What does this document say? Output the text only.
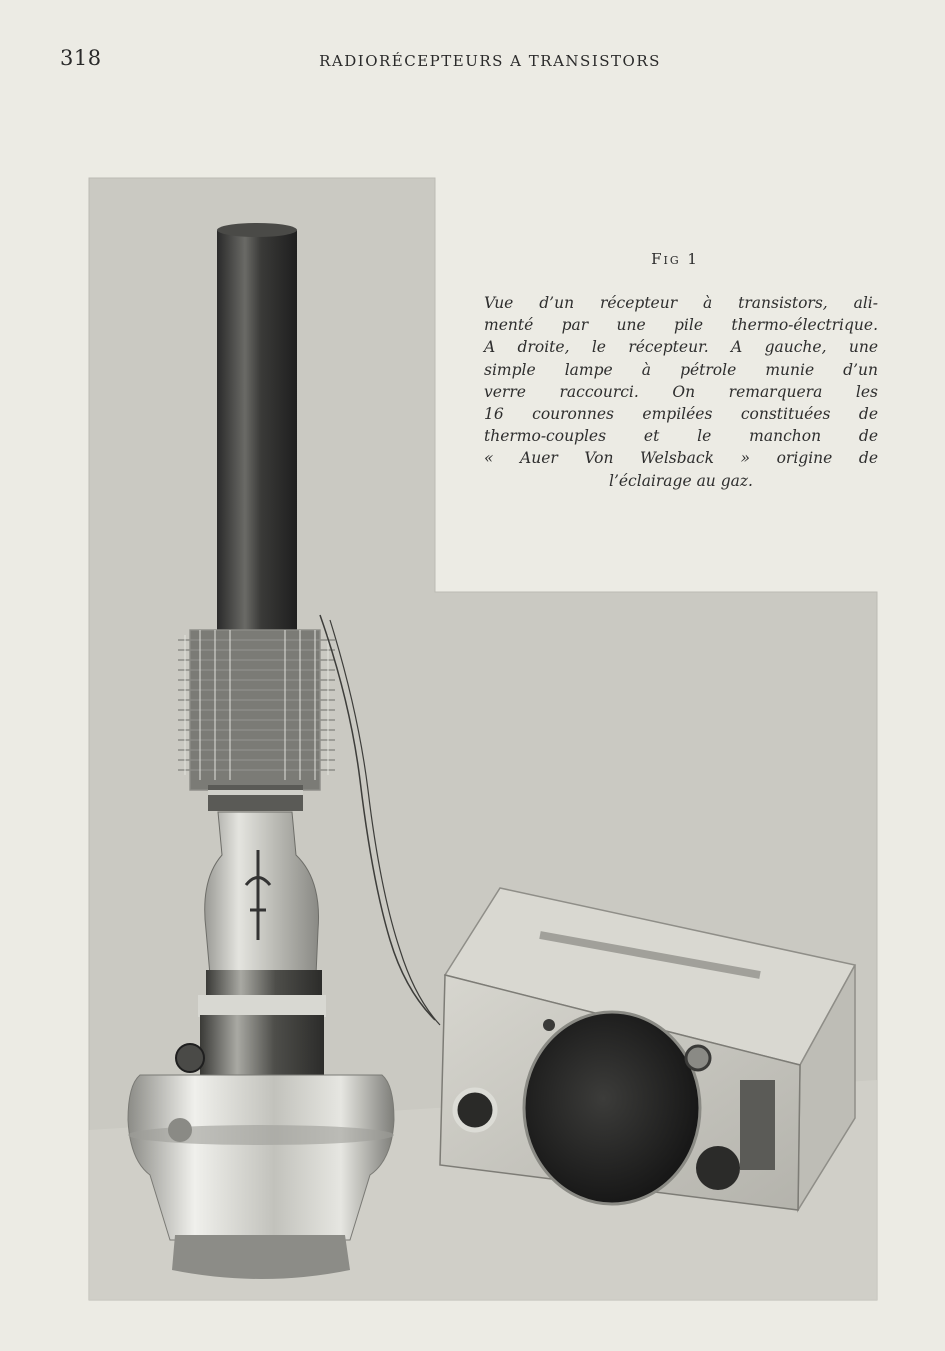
318	RADIORÉCEPTEURS A TRANSISTORS
Fig 1
Vue d’un récepteur à transistors, ali-
menté par une pile thermo-électrique.
A droite, le récepteur. A gauche, une
simple lampe à pétrole munie d’un
verre raccourci. On remarquera les
16 couronnes empilées constituées de
thermo-couples et le manchon de
« Auer Von Welsback » origine de
l’éclairage au gaz.
